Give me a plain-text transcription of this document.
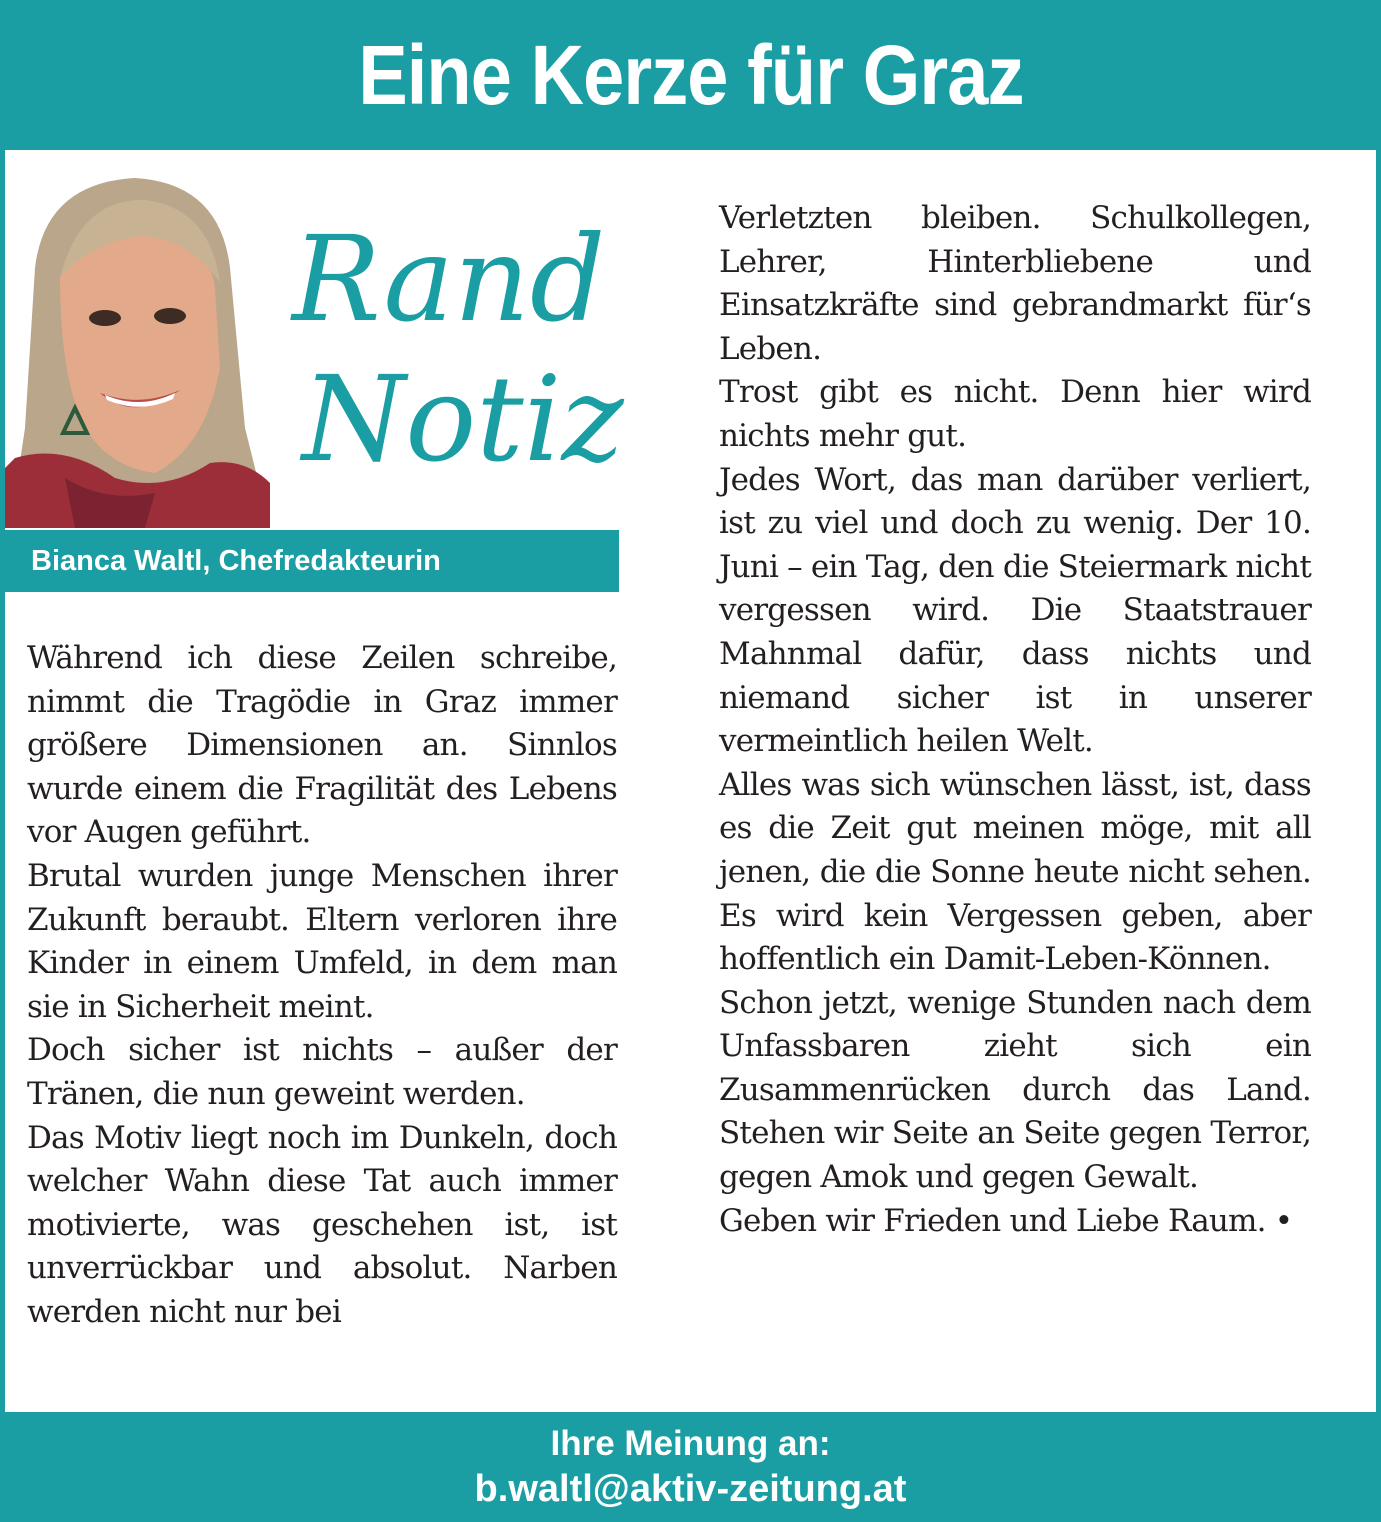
Eine Kerze für Graz
Rand
Notiz
Bianca Waltl, Chefredakteurin

Während ich diese Zeilen schreibe, nimmt die Tragödie in Graz immer größere Dimensionen an. Sinnlos wurde einem die Fragilität des Lebens vor Augen geführt.

Brutal wurden junge Menschen ihrer Zukunft beraubt. Eltern verloren ihre Kinder in einem Umfeld, in dem man sie in Sicherheit meint.

Doch sicher ist nichts – außer der Tränen, die nun geweint werden.

Das Motiv liegt noch im Dunkeln, doch welcher Wahn diese Tat auch immer motivierte, was geschehen ist, ist unverrückbar und absolut. Narben werden nicht nur bei

Verletzten bleiben. Schulkollegen, Lehrer, Hinterbliebene und Einsatzkräfte sind gebrandmarkt für‘s Leben.

Trost gibt es nicht. Denn hier wird nichts mehr gut.

Jedes Wort, das man darüber verliert, ist zu viel und doch zu wenig. Der 10. Juni – ein Tag, den die Steiermark nicht vergessen wird. Die Staatstrauer Mahnmal dafür, dass nichts und niemand sicher ist in unserer vermeintlich heilen Welt.

Alles was sich wünschen lässt, ist, dass es die Zeit gut meinen möge, mit all jenen, die die Sonne heute nicht sehen. Es wird kein Vergessen geben, aber hoffentlich ein Damit-Leben-Können.

Schon jetzt, wenige Stunden nach dem Unfassbaren zieht sich ein Zusammenrücken durch das Land. Stehen wir Seite an Seite gegen Terror, gegen Amok und gegen Gewalt.

Geben wir Frieden und Liebe Raum. •

Ihre Meinung an:
b.waltl@aktiv-zeitung.at
